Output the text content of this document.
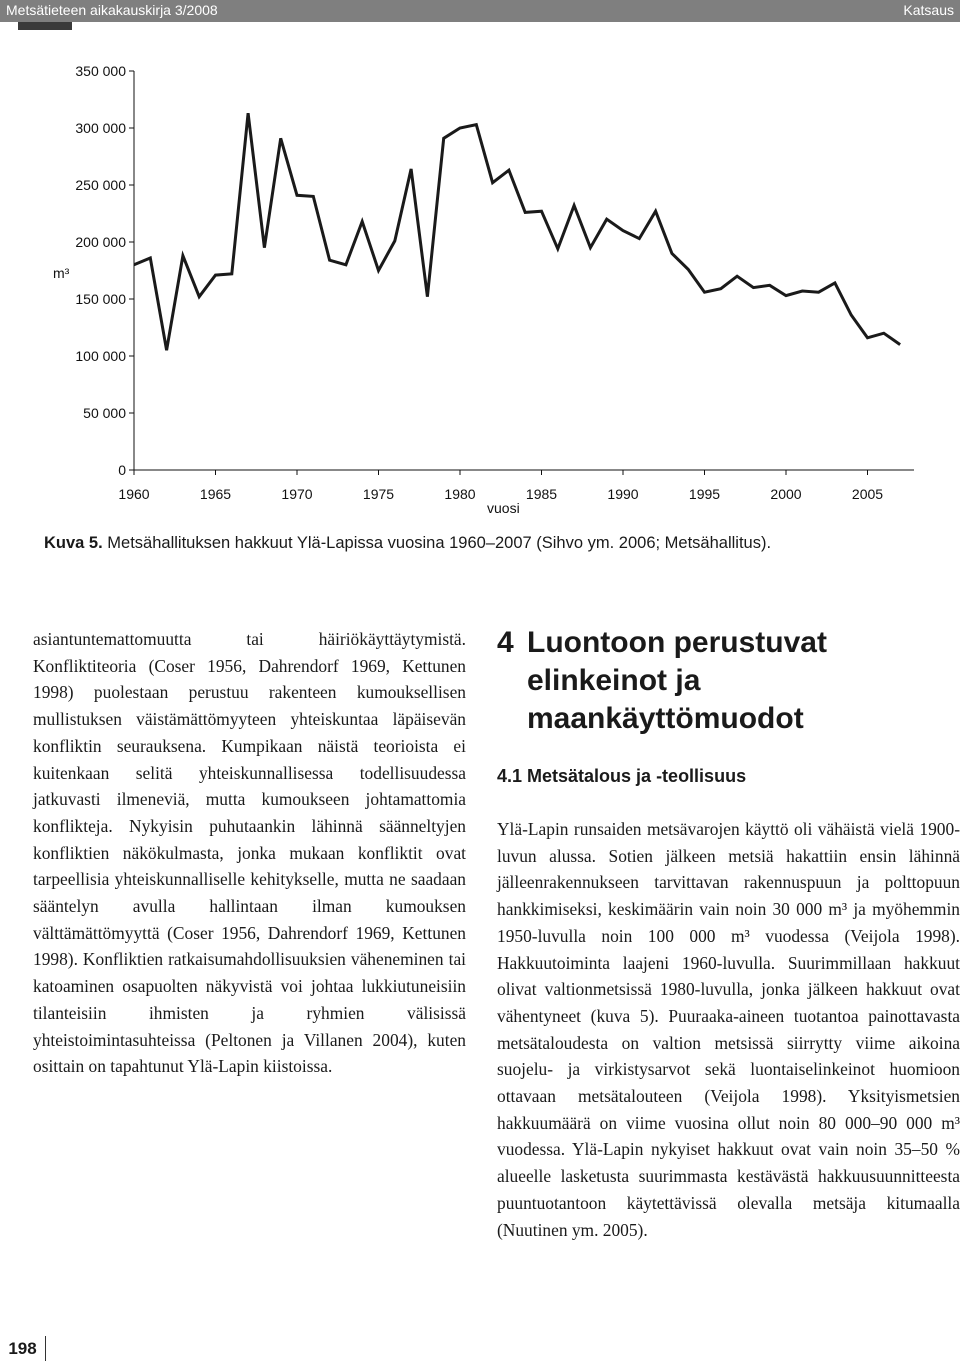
Metsätieteen aikakauskirja 3/2008	Katsaus
0
50 000
100 000
150 000
200 000
250 000
300 000
350 000
1960	1965	1970	1975	1980	1985	1990	1995	2000	2005
m³
vuosi
Kuva 5. Metsähallituksen hakkuut Ylä-Lapissa vuosina 1960–2007 (Sihvo ym. 2006; Metsähallitus).

asiantuntemattomuutta tai häiriökäyttäytymistä. Konfliktiteoria (Coser 1956, Dahrendorf 1969, Kettunen 1998) puolestaan perustuu rakenteen kumouksellisen mullistuksen väistämättömyyteen yhteiskuntaa läpäisevän konfliktin seurauksena. Kumpikaan näistä teorioista ei kuitenkaan selitä yhteiskunnallisessa todellisuudessa jatkuvasti ilmeneviä, mutta kumoukseen johtamattomia konflikteja. Nykyisin puhutaankin lähinnä säänneltyjen konfliktien näkökulmasta, jonka mukaan konfliktit ovat tarpeellisia yhteiskunnalliselle kehitykselle, mutta ne saadaan sääntelyn avulla hallintaan ilman kumouksen välttämättömyyttä (Coser 1956, Dahrendorf 1969, Kettunen 1998). Konfliktien ratkaisumahdollisuuksien väheneminen tai katoaminen osapuolten näkyvistä voi johtaa lukkiutuneisiin tilanteisiin ihmisten ja ryhmien välisissä yhteistoimintasuhteissa (Peltonen ja Villanen 2004), kuten osittain on tapahtunut Ylä-Lapin kiistoissa.

4 Luontoon perustuvat elinkeinot ja maankäyttömuodot
4.1 Metsätalous ja -teollisuus

Ylä-Lapin runsaiden metsävarojen käyttö oli vähäistä vielä 1900-luvun alussa. Sotien jälkeen metsiä hakattiin ensin lähinnä jälleenrakennukseen tarvittavan rakennuspuun ja polttopuun hankkimiseksi, keskimäärin vain noin 30 000 m³ ja myöhemmin 1950-luvulla noin 100 000 m³ vuodessa (Veijola 1998). Hakkuutoiminta laajeni 1960-luvulla. Suurimmillaan hakkuut olivat valtionmetsissä 1980-luvulla, jonka jälkeen hakkuut ovat vähentyneet (kuva 5). Puuraaka-aineen tuotantoa painottavasta metsätaloudesta on valtion metsissä siirrytty viime aikoina suojelu- ja virkistysarvot sekä luontaiselinkeinot huomioon ottavaan metsätalouteen (Veijola 1998). Yksityismetsien hakkuumäärä on viime vuosina ollut noin 80 000–90 000 m³ vuodessa. Ylä-Lapin nykyiset hakkuut ovat vain noin 35–50 % alueelle lasketusta suurimmasta kestävästä hakkuusuunnitteesta puuntuotantoon käytettävissä olevalla metsäja kitumaalla (Nuutinen ym. 2005).

198
